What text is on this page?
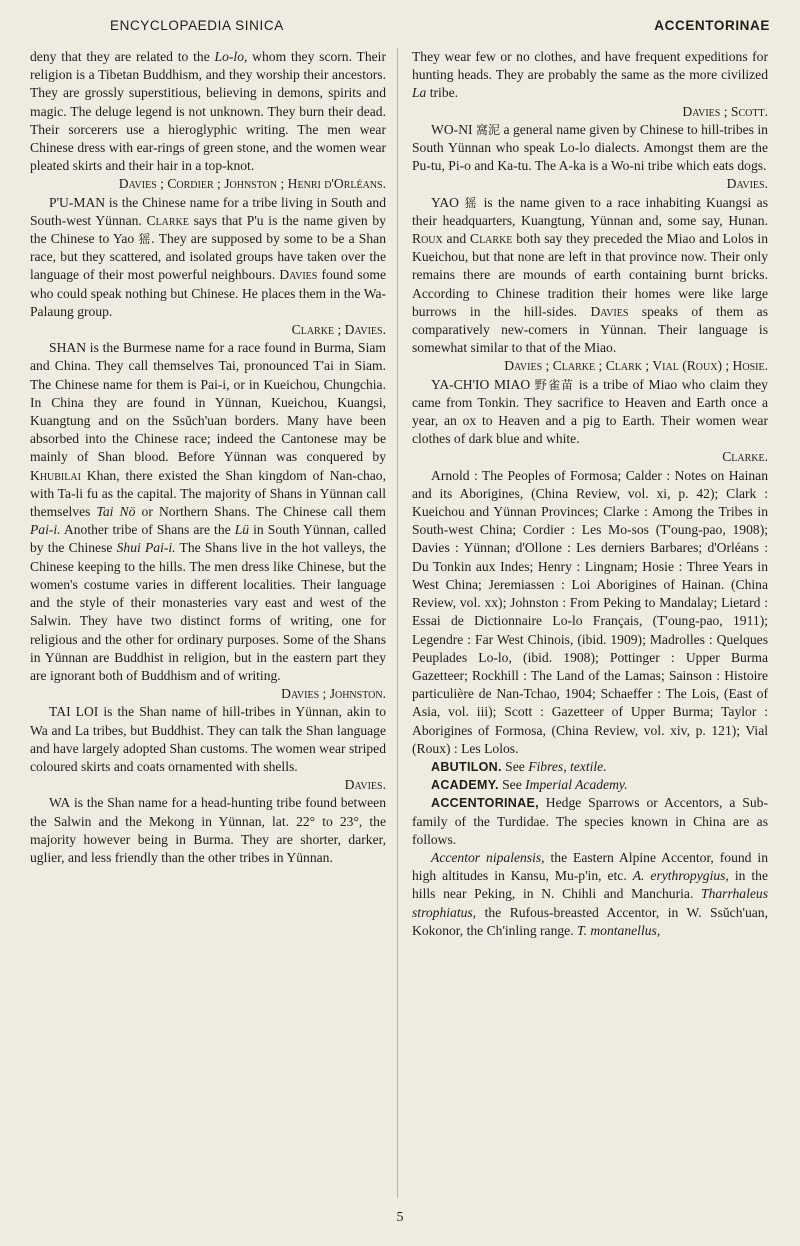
ENCYCLOPAEDIA SINICA	ACCENTORINAE

deny that they are related to the Lo-lo, whom they scorn. Their religion is a Tibetan Buddhism, and they worship their ancestors. They are grossly superstitious, believing in demons, spirits and magic. The deluge legend is not unknown. They burn their dead. Their sorcerers use a hieroglyphic writing. The men wear Chinese dress with ear-rings of green stone, and the women wear pleated skirts and their hair in a top-knot.

Davies ; Cordier ; Johnston ; Henri d'Orléans.

P'U-MAN is the Chinese name for a tribe living in South and South-west Yünnan. Clarke says that P'u is the name given by the Chinese to Yao 猺. They are supposed by some to be a Shan race, but they scattered, and isolated groups have taken over the language of their most powerful neighbours. Davies found some who could speak nothing but Chinese. He places them in the Wa-Palaung group.

Clarke ; Davies.

SHAN is the Burmese name for a race found in Burma, Siam and China. They call themselves Tai, pronounced T'ai in Siam. The Chinese name for them is Pai-i, or in Kueichou, Chungchia. In China they are found in Yünnan, Kueichou, Kuangsi, Kuangtung and on the Ssŭch'uan borders. Many have been absorbed into the Chinese race; indeed the Cantonese may be mainly of Shan blood. Before Yünnan was conquered by Khubilai Khan, there existed the Shan kingdom of Nan-chao, with Ta-li fu as the capital. The majority of Shans in Yünnan call themselves Tai Nö or Northern Shans. The Chinese call them Pai-i. Another tribe of Shans are the Lü in South Yünnan, called by the Chinese Shui Pai-i. The Shans live in the hot valleys, the Chinese keeping to the hills. The men dress like Chinese, but the women's costume varies in different localities. Their language and the style of their monasteries vary east and west of the Salwin. They have two distinct forms of writing, one for religious and the other for ordinary purposes. Some of the Shans in Yünnan are Buddhist in religion, but in the eastern part they are ignorant both of Buddhism and of writing.

Davies ; Johnston.

TAI LOI is the Shan name of hill-tribes in Yünnan, akin to Wa and La tribes, but Buddhist. They can talk the Shan language and have largely adopted Shan customs. The women wear striped coloured skirts and coats ornamented with shells.

Davies.

WA is the Shan name for a head-hunting tribe found between the Salwin and the Mekong in Yünnan, lat. 22° to 23°, the majority however being in Burma. They are shorter, darker, uglier, and less friendly than the other tribes in Yünnan.

They wear few or no clothes, and have frequent expeditions for hunting heads. They are probably the same as the more civilized La tribe.

Davies ; Scott.

WO-NI 窩泥 a general name given by Chinese to hill-tribes in South Yünnan who speak Lo-lo dialects. Amongst them are the Pu-tu, Pi-o and Ka-tu. The A-ka is a Wo-ni tribe which eats dogs.

Davies.

YAO 猺 is the name given to a race inhabiting Kuangsi as their headquarters, Kuangtung, Yünnan and, some say, Hunan. Roux and Clarke both say they preceded the Miao and Lolos in Kueichou, but that none are left in that province now. Their only remains there are mounds of earth containing burnt bricks. According to Chinese tradition their homes were like large burrows in the hill-sides. Davies speaks of them as comparatively new-comers in Yünnan. Their language is somewhat similar to that of the Miao.

Davies ; Clarke ; Clark ; Vial (Roux) ; Hosie.

YA-CH'IO MIAO 野雀苗 is a tribe of Miao who claim they came from Tonkin. They sacrifice to Heaven and Earth once a year, an ox to Heaven and a pig to Earth. Their women wear clothes of dark blue and white.

Clarke.

Arnold : The Peoples of Formosa; Calder : Notes on Hainan and its Aborigines, (China Review, vol. xi, p. 42); Clark : Kueichou and Yünnan Provinces; Clarke : Among the Tribes in South-west China; Cordier : Les Mo-sos (T'oung-pao, 1908); Davies : Yünnan; d'Ollone : Les derniers Barbares; d'Orléans : Du Tonkin aux Indes; Henry : Lingnam; Hosie : Three Years in West China; Jeremiassen : Loi Aborigines of Hainan. (China Review, vol. xx); Johnston : From Peking to Mandalay; Lietard : Essai de Dictionnaire Lo-lo Français, (T'oung-pao, 1911); Legendre : Far West Chinois, (ibid. 1909); Madrolles : Quelques Peuplades Lo-lo, (ibid. 1908); Pottinger : Upper Burma Gazetteer; Rockhill : The Land of the Lamas; Sainson : Histoire particulière de Nan-Tchao, 1904; Schaeffer : The Lois, (East of Asia, vol. iii); Scott : Gazetteer of Upper Burma; Taylor : Aborigines of Formosa, (China Review, vol. xiv, p. 121); Vial (Roux) : Les Lolos.

ABUTILON. See Fibres, textile.

ACADEMY. See Imperial Academy.

ACCENTORINAE, Hedge Sparrows or Accentors, a Sub-family of the Turdidae. The species known in China are as follows.

Accentor nipalensis, the Eastern Alpine Accentor, found in high altitudes in Kansu, Mu-p'in, etc. A. erythropygius, in the hills near Peking, in N. Chihli and Manchuria. Tharrhaleus strophiatus, the Rufous-breasted Accentor, in W. Ssŭch'uan, Kokonor, the Ch'inling range. T. montanellus,

5
